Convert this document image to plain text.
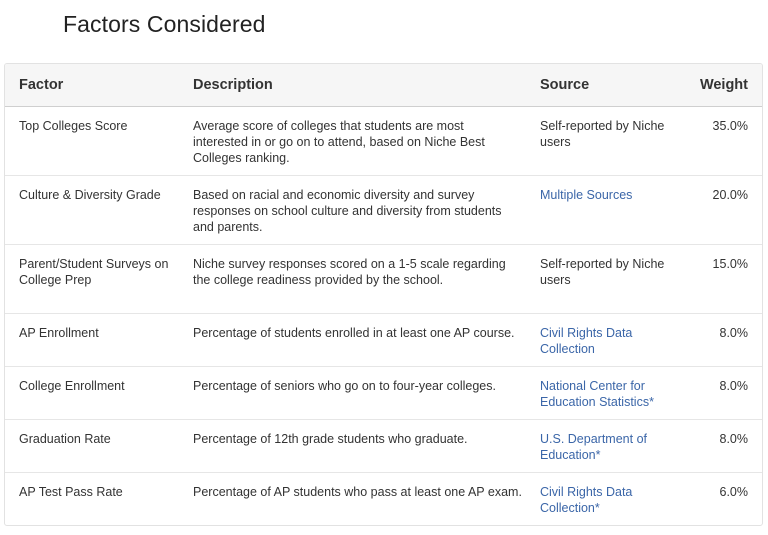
Factors Considered
Factor	Description	Source	Weight
Top Colleges Score	Average score of colleges that students are most interested in or go on to attend, based on Niche Best Colleges ranking.	Self-reported by Niche users	35.0%
Culture & Diversity Grade	Based on racial and economic diversity and survey responses on school culture and diversity from students and parents.	Multiple Sources	20.0%
Parent/Student Surveys on College Prep	Niche survey responses scored on a 1-5 scale regarding the college readiness provided by the school.	Self-reported by Niche users	15.0%
AP Enrollment	Percentage of students enrolled in at least one AP course.	Civil Rights Data Collection	8.0%
College Enrollment	Percentage of seniors who go on to four-year colleges.	National Center for Education Statistics*	8.0%
Graduation Rate	Percentage of 12th grade students who graduate.	U.S. Department of Education*	8.0%
AP Test Pass Rate	Percentage of AP students who pass at least one AP exam.	Civil Rights Data Collection*	6.0%
